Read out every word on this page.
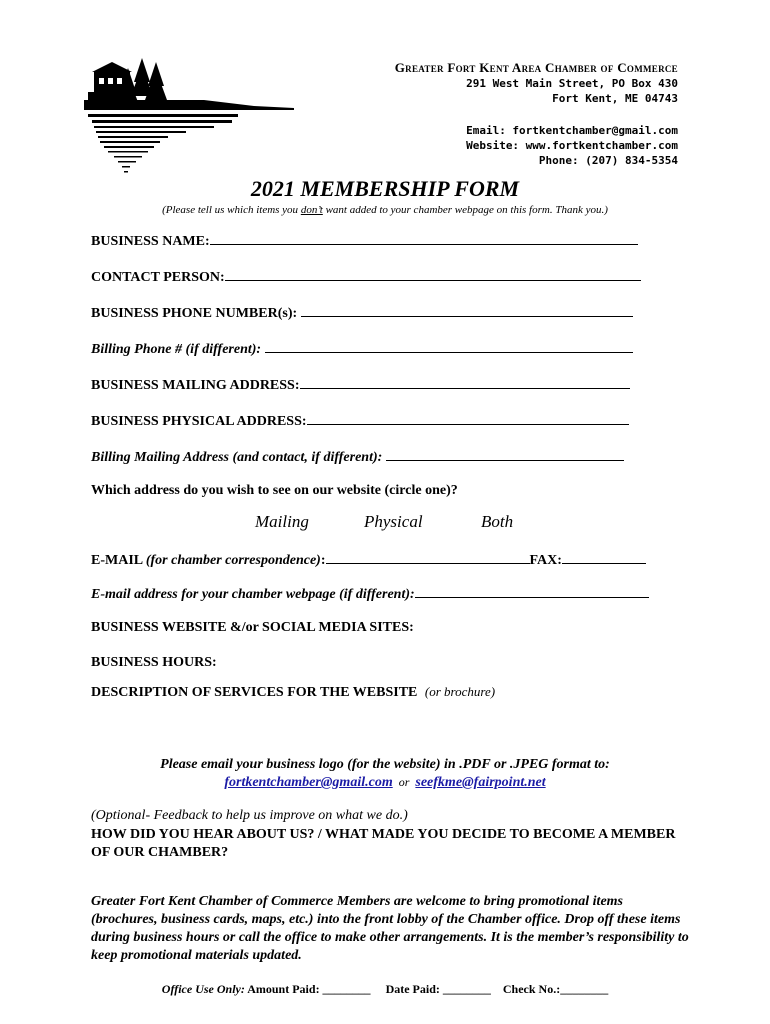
Greater Fort Kent Area Chamber of Commerce
291 West Main Street, PO Box 430
Fort Kent, ME 04743
Email: fortkentchamber@gmail.com
Website: www.fortkentchamber.com
Phone: (207) 834-5354
2021 MEMBERSHIP FORM
(Please tell us which items you don’t want added to your chamber webpage on this form. Thank you.)
BUSINESS NAME:
CONTACT PERSON:
BUSINESS PHONE NUMBER(s):
Billing Phone # (if different):
BUSINESS MAILING ADDRESS:
BUSINESS PHYSICAL ADDRESS:
Billing Mailing Address (and contact, if different):
Which address do you wish to see on our website (circle one)?
Mailing	Physical	Both
E-MAIL (for chamber correspondence):	FAX:
E-mail address for your chamber webpage (if different):
BUSINESS WEBSITE &/or SOCIAL MEDIA SITES:
BUSINESS HOURS:
DESCRIPTION OF SERVICES FOR THE WEBSITE (or brochure)
Please email your business logo (for the website) in .PDF or .JPEG format to:
fortkentchamber@gmail.com or seefkme@fairpoint.net
(Optional- Feedback to help us improve on what we do.)
HOW DID YOU HEAR ABOUT US? / WHAT MADE YOU DECIDE TO BECOME A MEMBER OF OUR CHAMBER?
Greater Fort Kent Chamber of Commerce Members are welcome to bring promotional items (brochures, business cards, maps, etc.) into the front lobby of the Chamber office. Drop off these items during business hours or call the office to make other arrangements. It is the member’s responsibility to keep promotional materials updated.
Office Use Only: Amount Paid: ________ Date Paid: ________ Check No.:________
